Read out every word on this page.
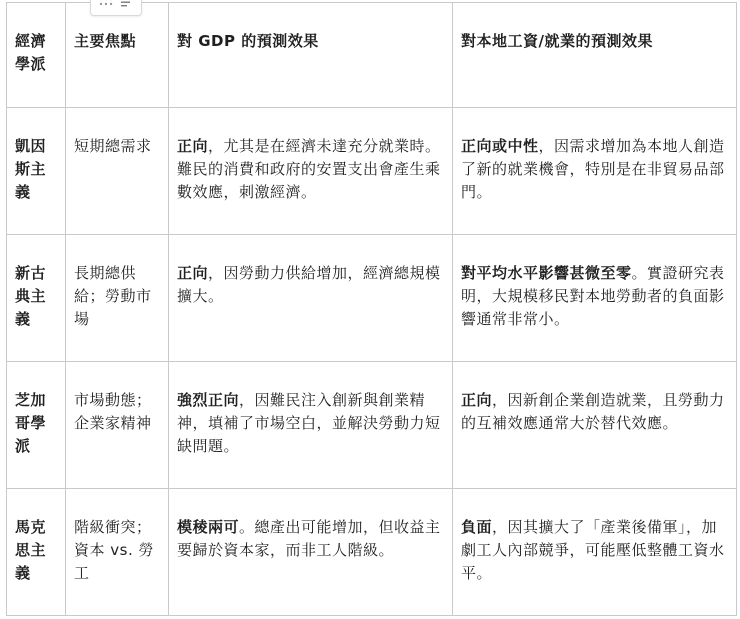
經濟學派	主要焦點	對 GDP 的預測效果	對本地工資/就業的預測效果

凱因斯主義	短期總需求	正向，尤其是在經濟未達充分就業時。難民的消費和政府的安置支出會產生乘數效應，刺激經濟。	正向或中性，因需求增加為本地人創造了新的就業機會，特別是在非貿易品部門。

新古典主義	長期總供給；勞動市場	正向，因勞動力供給增加，經濟總規模擴大。	對平均水平影響甚微至零。實證研究表明，大規模移民對本地勞動者的負面影響通常非常小。

芝加哥學派	市場動態；企業家精神	強烈正向，因難民注入創新與創業精神，填補了市場空白，並解決勞動力短缺問題。	正向，因新創企業創造就業，且勞動力的互補效應通常大於替代效應。

馬克思主義	階級衝突；資本 vs. 勞工	模稜兩可。總產出可能增加，但收益主要歸於資本家，而非工人階級。	負面，因其擴大了「產業後備軍」，加劇工人內部競爭，可能壓低整體工資水平。
